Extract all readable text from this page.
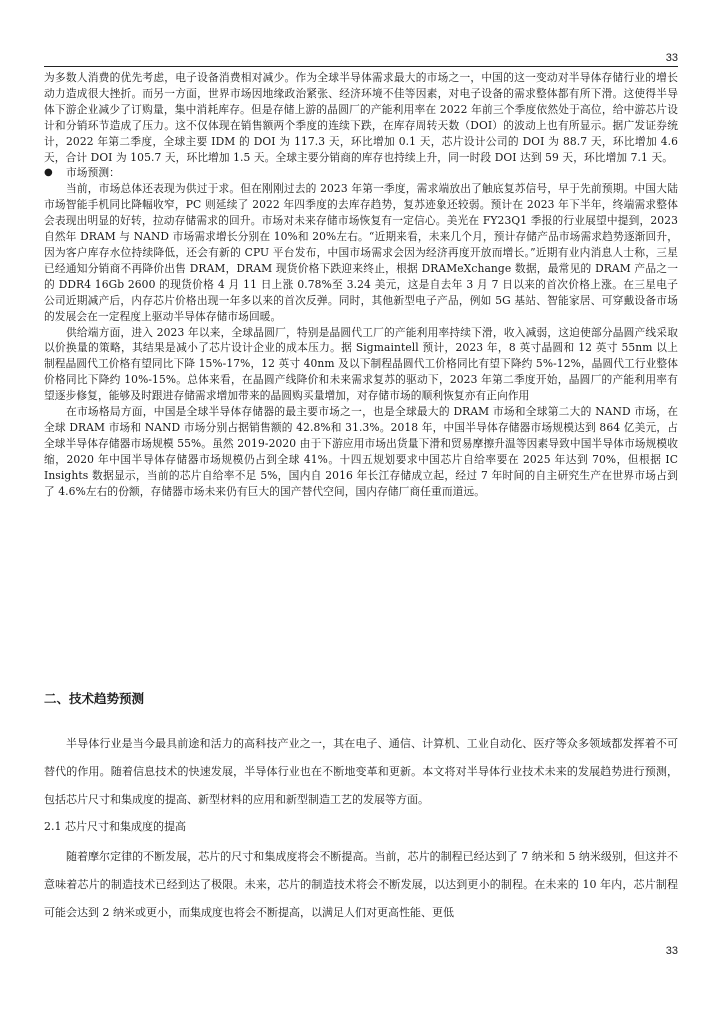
33

为多数人消费的优先考虑，电子设备消费相对减少。作为全球半导体需求最大的市场之一，中国的这一变动对半导体存储行业的增长动力造成很大挫折。而另一方面，世界市场因地缘政治紧张、经济环境不佳等因素，对电子设备的需求整体都有所下滑。这使得半导体下游企业减少了订购量，集中消耗库存。但是存储上游的晶圆厂的产能利用率在 2022 年前三个季度依然处于高位，给中游芯片设计和分销环节造成了压力。这不仅体现在销售额两个季度的连续下跌，在库存周转天数（DOI）的波动上也有所显示。据广发证券统计，2022 年第二季度，全球主要 IDM 的 DOI 为 117.3 天，环比增加 0.1 天，芯片设计公司的 DOI 为 88.7 天，环比增加 4.6 天，合计 DOI 为 105.7 天，环比增加 1.5 天。全球主要分销商的库存也持续上升，同一时段 DOI 达到 59 天，环比增加 7.1 天。

●	市场预测：

当前，市场总体还表现为供过于求。但在刚刚过去的 2023 年第一季度，需求端放出了触底复苏信号，早于先前预期。中国大陆市场智能手机同比降幅收窄，PC 则延续了 2022 年四季度的去库存趋势，复苏迹象还较弱。预计在 2023 年下半年，终端需求整体会表现出明显的好转，拉动存储需求的回升。市场对未来存储市场恢复有一定信心。美光在 FY23Q1 季报的行业展望中提到，2023 自然年 DRAM 与 NAND 市场需求增长分别在 10%和 20%左右。“近期来看，未来几个月，预计存储产品市场需求趋势逐渐回升，因为客户库存水位持续降低，还会有新的 CPU 平台发布，中国市场需求会因为经济再度开放而增长。”近期有业内消息人士称，三星已经通知分销商不再降价出售 DRAM，DRAM 现货价格下跌迎来终止，根据 DRAMeXchange 数据，最常见的 DRAM 产品之一的 DDR4 16Gb 2600 的现货价格 4 月 11 日上涨 0.78%至 3.24 美元，这是自去年 3 月 7 日以来的首次价格上涨。在三星电子公司近期减产后，内存芯片价格出现一年多以来的首次反弹。同时，其他新型电子产品，例如 5G 基站、智能家居、可穿戴设备市场的发展会在一定程度上驱动半导体存储市场回暖。

供给端方面，进入 2023 年以来，全球晶圆厂，特别是晶圆代工厂的产能利用率持续下滑，收入减弱，这迫使部分晶圆产线采取以价换量的策略，其结果是减小了芯片设计企业的成本压力。据 Sigmaintell 预计，2023 年，8 英寸晶圆和 12 英寸 55nm 以上制程晶圆代工价格有望同比下降 15%-17%，12 英寸 40nm 及以下制程晶圆代工价格同比有望下降约 5%-12%，晶圆代工行业整体价格同比下降约 10%-15%。总体来看，在晶圆产线降价和未来需求复苏的驱动下，2023 年第二季度开始，晶圆厂的产能利用率有望逐步修复，能够及时跟进存储需求增加带来的晶圆购买量增加，对存储市场的顺利恢复亦有正向作用

在市场格局方面，中国是全球半导体存储器的最主要市场之一，也是全球最大的 DRAM 市场和全球第二大的 NAND 市场，在全球 DRAM 市场和 NAND 市场分别占据销售额的 42.8%和 31.3%。2018 年，中国半导体存储器市场规模达到 864 亿美元，占全球半导体存储器市场规模 55%。虽然 2019-2020 由于下游应用市场出货量下滑和贸易摩擦升温等因素导致中国半导体市场规模收缩，2020 年中国半导体存储器市场规模仍占到全球 41%。十四五规划要求中国芯片自给率要在 2025 年达到 70%，但根据 IC Insights 数据显示，当前的芯片自给率不足 5%，国内自 2016 年长江存储成立起，经过 7 年时间的自主研究生产在世界市场占到了 4.6%左右的份额，存储器市场未来仍有巨大的国产替代空间，国内存储厂商任重而道远。

二、技术趋势预测

半导体行业是当今最具前途和活力的高科技产业之一，其在电子、通信、计算机、工业自动化、医疗等众多领域都发挥着不可替代的作用。随着信息技术的快速发展，半导体行业也在不断地变革和更新。本文将对半导体行业技术未来的发展趋势进行预测，包括芯片尺寸和集成度的提高、新型材料的应用和新型制造工艺的发展等方面。

2.1 芯片尺寸和集成度的提高

随着摩尔定律的不断发展，芯片的尺寸和集成度将会不断提高。当前，芯片的制程已经达到了 7 纳米和 5 纳米级别，但这并不意味着芯片的制造技术已经到达了极限。未来，芯片的制造技术将会不断发展，以达到更小的制程。在未来的 10 年内，芯片制程可能会达到 2 纳米或更小，而集成度也将会不断提高，以满足人们对更高性能、更低

33
